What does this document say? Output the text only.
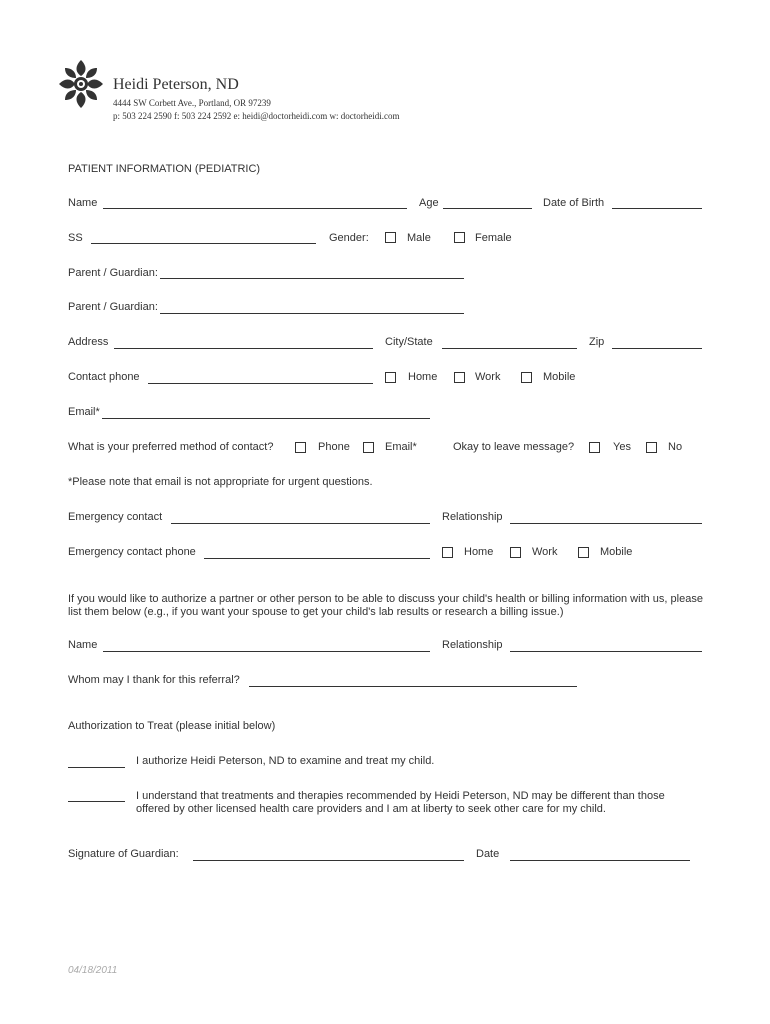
Heidi Peterson, ND
4444 SW Corbett Ave., Portland, OR 97239
p: 503 224 2590 f: 503 224 2592 e: heidi@doctorheidi.com w: doctorheidi.com
PATIENT INFORMATION (PEDIATRIC)
Name	Age	Date of Birth
SS	Gender:	Male	Female
Parent / Guardian:
Parent / Guardian:
Address	City/State	Zip
Contact phone	Home	Work	Mobile
Email*
What is your preferred method of contact?	Phone	Email*	Okay to leave message?	Yes	No
*Please note that email is not appropriate for urgent questions.
Emergency contact	Relationship
Emergency contact phone	Home	Work	Mobile
If you would like to authorize a partner or other person to be able to discuss your child's health or billing information with us, please list them below (e.g., if you want your spouse to get your child's lab results or research a billing issue.)
Name	Relationship
Whom may I thank for this referral?
Authorization to Treat (please initial below)
I authorize Heidi Peterson, ND to examine and treat my child.
I understand that treatments and therapies recommended by Heidi Peterson, ND may be different than those offered by other licensed health care providers and I am at liberty to seek other care for my child.
Signature of Guardian:	Date
04/18/2011
